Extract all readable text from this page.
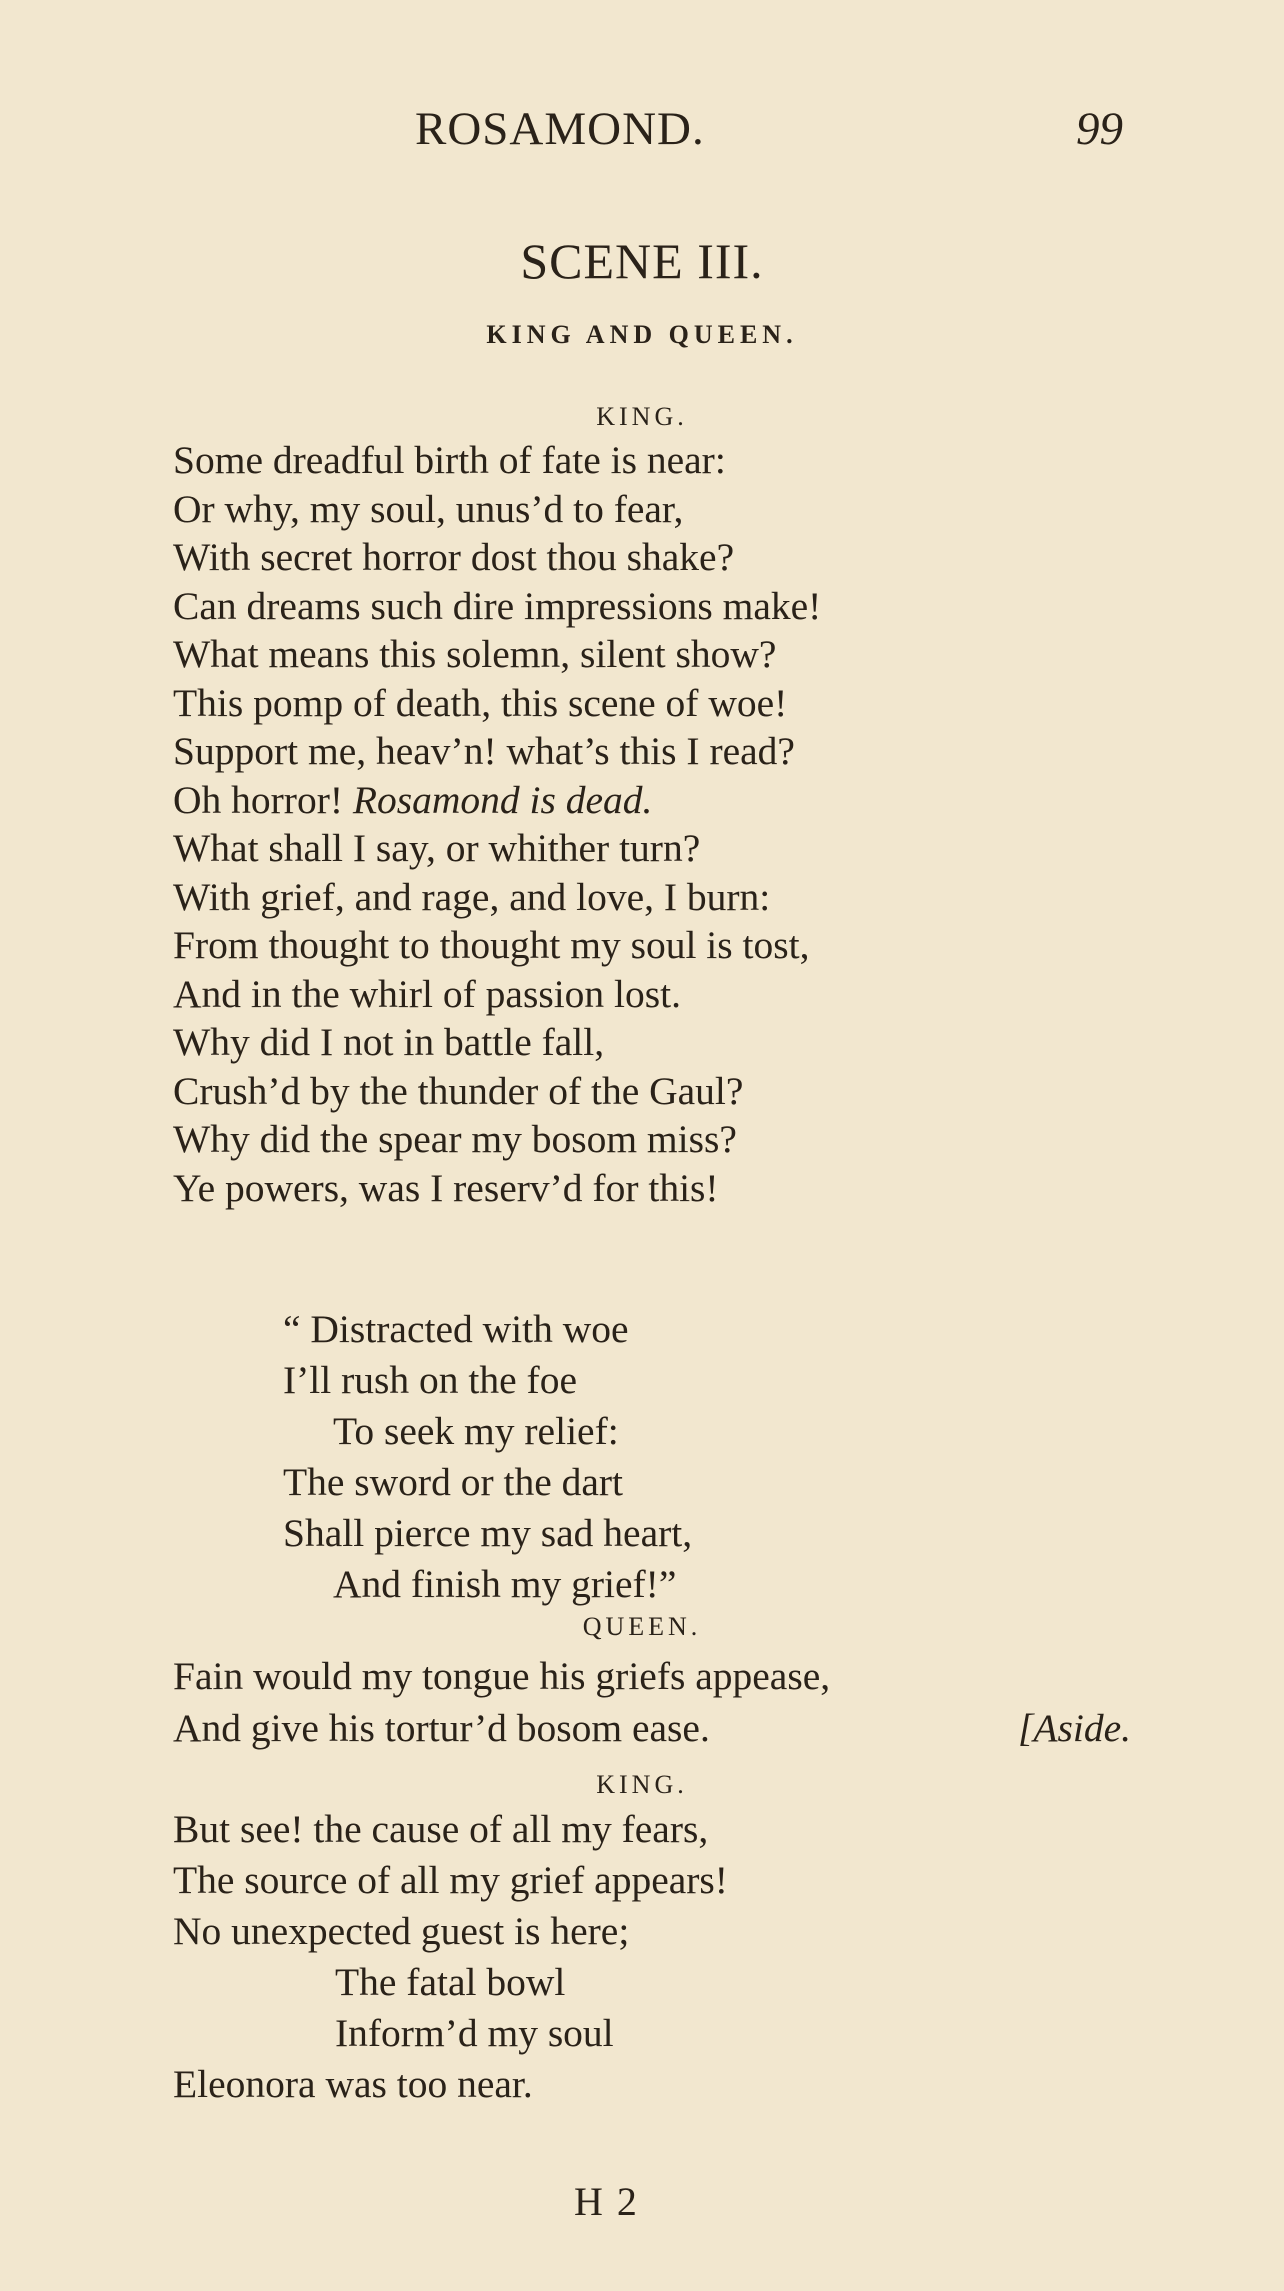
ROSAMOND.	99
SCENE III.
KING AND QUEEN.
KING.
Some dreadful birth of fate is near:
Or why, my soul, unus’d to fear,
With secret horror dost thou shake?
Can dreams such dire impressions make!
What means this solemn, silent show?
This pomp of death, this scene of woe!
Support me, heav’n! what’s this I read?
Oh horror! Rosamond is dead.
What shall I say, or whither turn?
With grief, and rage, and love, I burn:
From thought to thought my soul is tost,
And in the whirl of passion lost.
Why did I not in battle fall,
Crush’d by the thunder of the Gaul?
Why did the spear my bosom miss?
Ye powers, was I reserv’d for this!
“ Distracted with woe
I’ll rush on the foe
To seek my relief:
The sword or the dart
Shall pierce my sad heart,
And finish my grief!”
QUEEN.
Fain would my tongue his griefs appease,
And give his tortur’d bosom ease.	[Aside.
KING.
But see! the cause of all my fears,
The source of all my grief appears!
No unexpected guest is here;
The fatal bowl
Inform’d my soul
Eleonora was too near.
H 2
